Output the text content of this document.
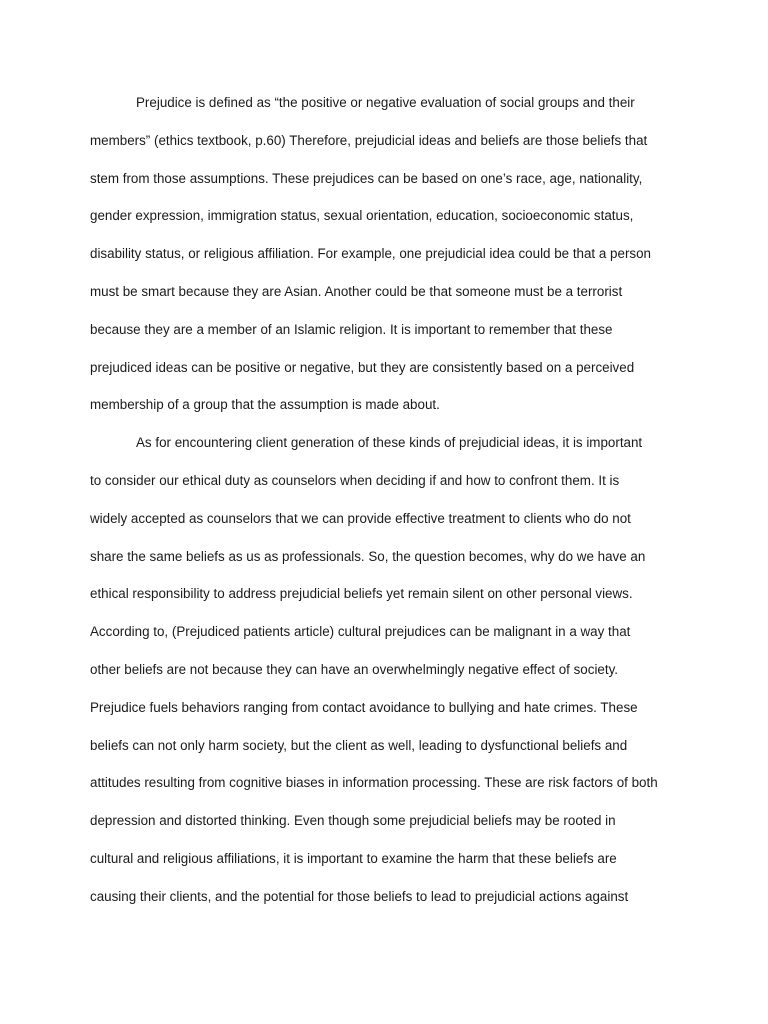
Prejudice is defined as “the positive or negative evaluation of social groups and their
members” (ethics textbook, p.60) Therefore, prejudicial ideas and beliefs are those beliefs that
stem from those assumptions. These prejudices can be based on one’s race, age, nationality,
gender expression, immigration status, sexual orientation, education, socioeconomic status,
disability status, or religious affiliation. For example, one prejudicial idea could be that a person
must be smart because they are Asian. Another could be that someone must be a terrorist
because they are a member of an Islamic religion. It is important to remember that these
prejudiced ideas can be positive or negative, but they are consistently based on a perceived
membership of a group that the assumption is made about.
As for encountering client generation of these kinds of prejudicial ideas, it is important
to consider our ethical duty as counselors when deciding if and how to confront them. It is
widely accepted as counselors that we can provide effective treatment to clients who do not
share the same beliefs as us as professionals. So, the question becomes, why do we have an
ethical responsibility to address prejudicial beliefs yet remain silent on other personal views.
According to, (Prejudiced patients article) cultural prejudices can be malignant in a way that
other beliefs are not because they can have an overwhelmingly negative effect of society.
Prejudice fuels behaviors ranging from contact avoidance to bullying and hate crimes. These
beliefs can not only harm society, but the client as well, leading to dysfunctional beliefs and
attitudes resulting from cognitive biases in information processing. These are risk factors of both
depression and distorted thinking. Even though some prejudicial beliefs may be rooted in
cultural and religious affiliations, it is important to examine the harm that these beliefs are
causing their clients, and the potential for those beliefs to lead to prejudicial actions against
